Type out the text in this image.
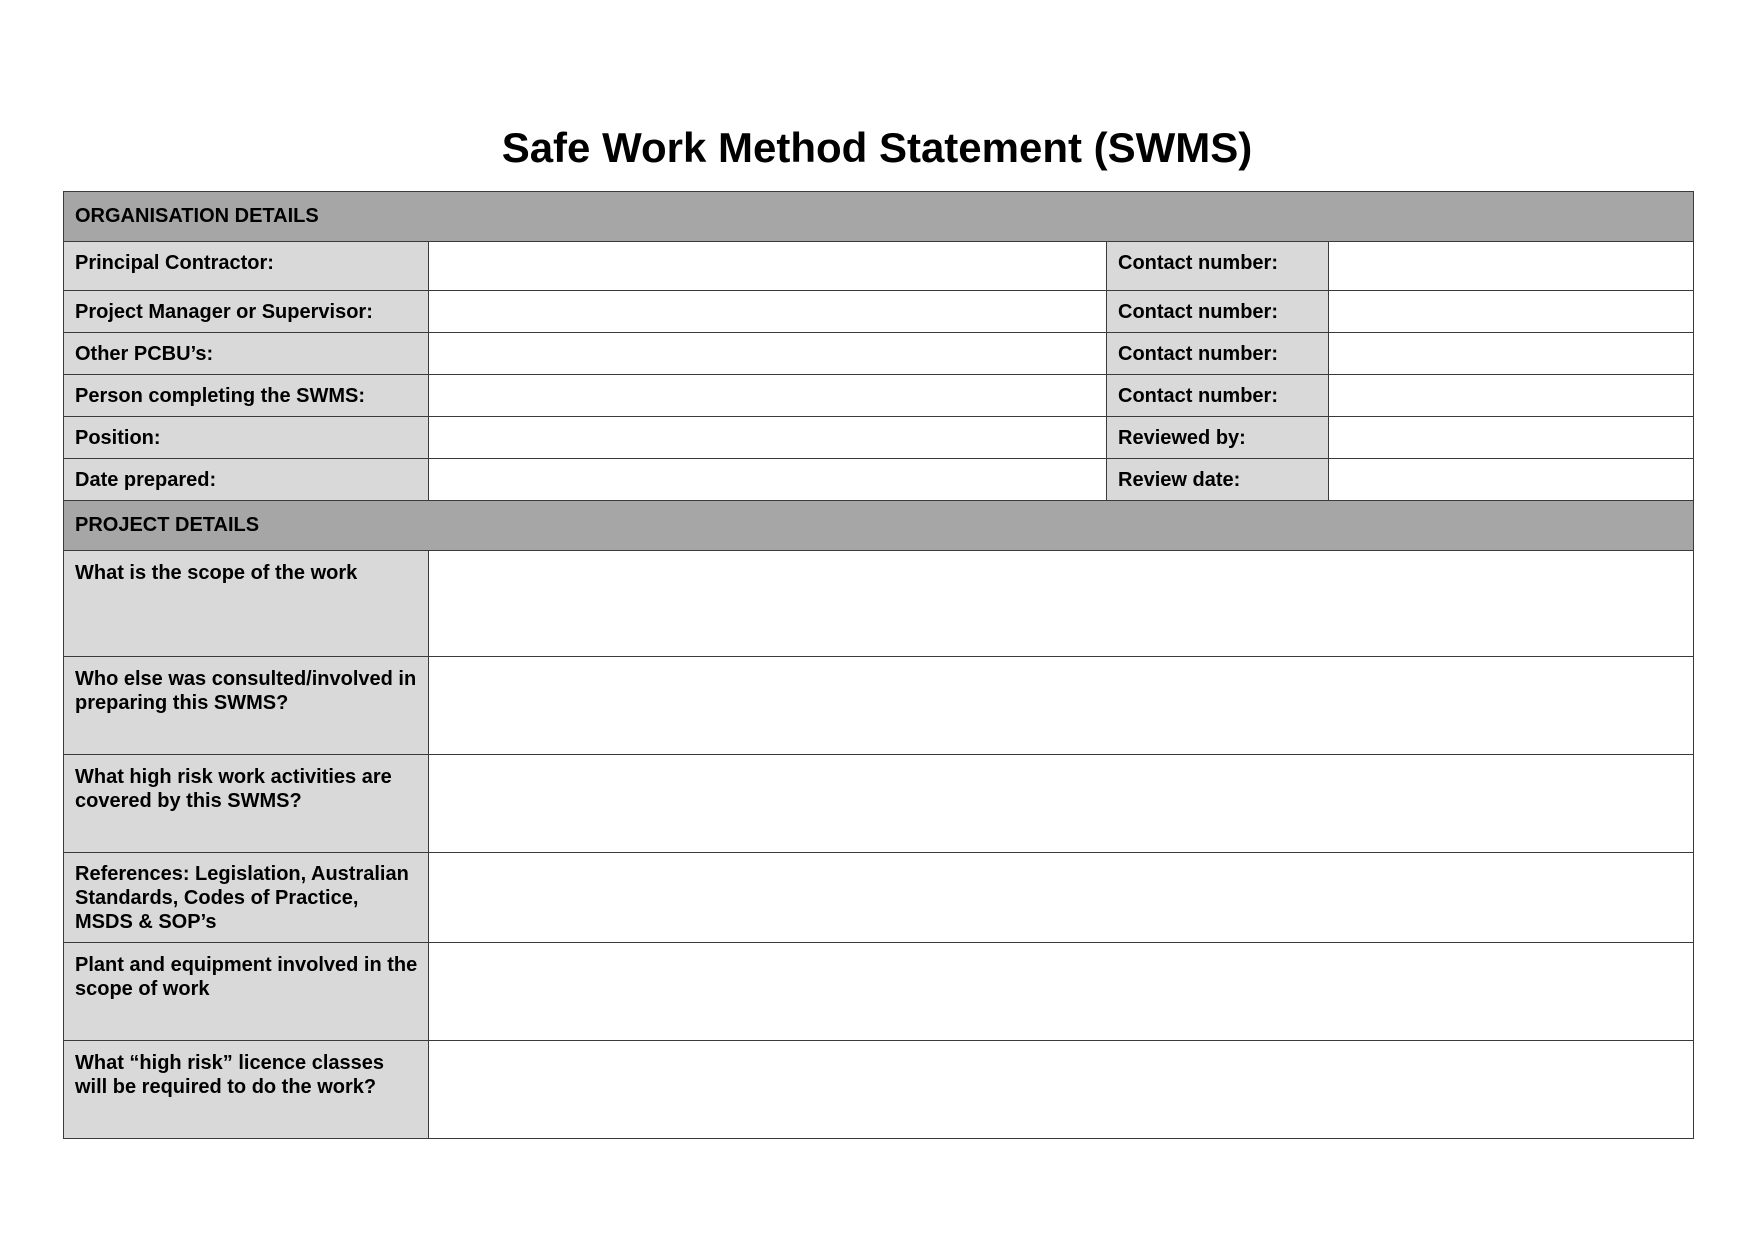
Safe Work Method Statement (SWMS)
ORGANISATION DETAILS			
Principal Contractor:		Contact number:	
Project Manager or Supervisor:		Contact number:	
Other PCBU’s:		Contact number:	
Person completing the SWMS:		Contact number:	
Position:		Reviewed by:	
Date prepared:		Review date:	
PROJECT DETAILS			
What is the scope of the work			
Who else was consulted/involved in preparing this SWMS?			
What high risk work activities are covered by this SWMS?			
References: Legislation, Australian Standards, Codes of Practice, MSDS & SOP’s			
Plant and equipment involved in the scope of work			
What “high risk” licence classes will be required to do the work?			
